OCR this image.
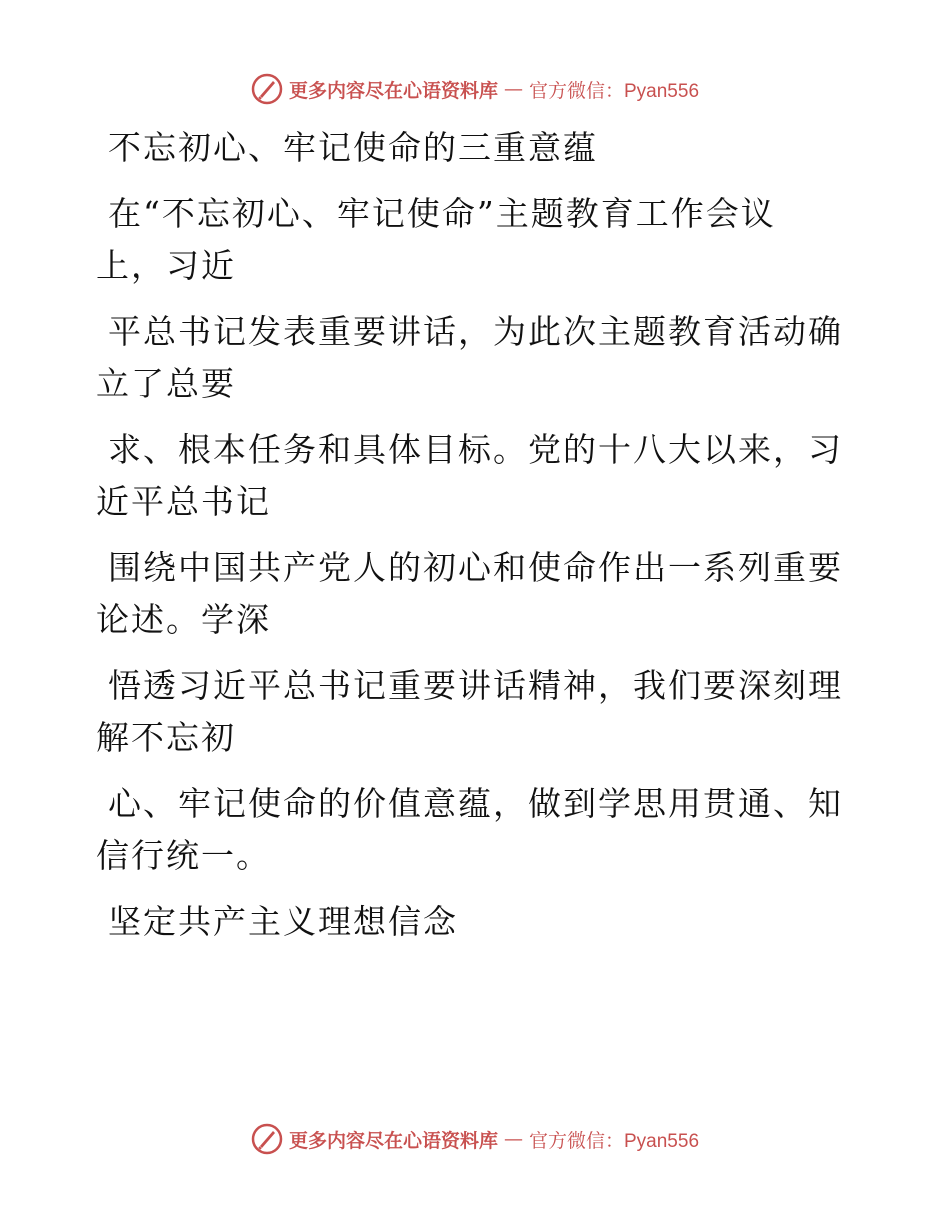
更多内容尽在心语资料库 — 官方微信：Pyan556
不忘初心、牢记使命的三重意蕴
在“不忘初心、牢记使命”主题教育工作会议
上，习近
平总书记发表重要讲话，为此次主题教育活动确
立了总要
求、根本任务和具体目标。党的十八大以来，习
近平总书记
围绕中国共产党人的初心和使命作出一系列重要
论述。学深
悟透习近平总书记重要讲话精神，我们要深刻理
解不忘初
心、牢记使命的价值意蕴，做到学思用贯通、知
信行统一。
坚定共产主义理想信念
更多内容尽在心语资料库 — 官方微信：Pyan556
